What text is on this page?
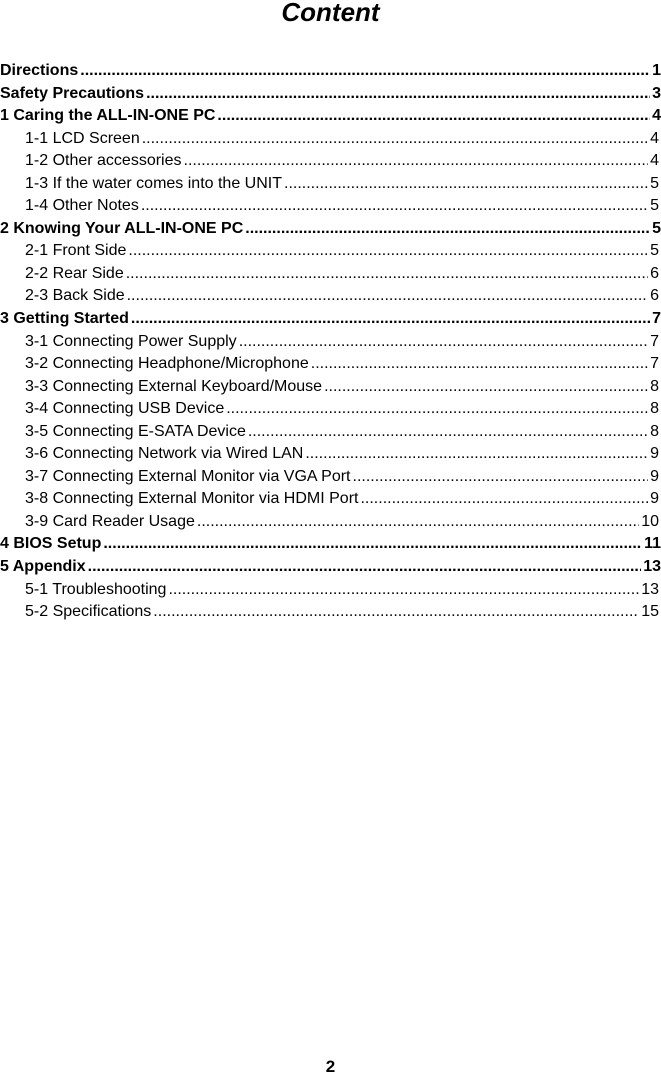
Content
Directions .....	1
Safety Precautions .....	3
1 Caring the ALL-IN-ONE PC .....	4
1-1 LCD Screen .....	4
1-2 Other accessories .....	4
1-3 If the water comes into the UNIT .....	5
1-4 Other Notes .....	5
2 Knowing Your ALL-IN-ONE PC .....	5
2-1 Front Side .....	5
2-2 Rear Side .....	6
2-3 Back Side .....	6
3 Getting Started .....	7
3-1 Connecting Power Supply .....	7
3-2 Connecting Headphone/Microphone .....	7
3-3 Connecting External Keyboard/Mouse .....	8
3-4 Connecting USB Device .....	8
3-5 Connecting E-SATA Device .....	8
3-6 Connecting Network via Wired LAN .....	9
3-7 Connecting External Monitor via VGA Port .....	9
3-8 Connecting External Monitor via HDMI Port .....	9
3-9 Card Reader Usage .....	10
4 BIOS Setup .....	11
5 Appendix .....	13
5-1 Troubleshooting .....	13
5-2 Specifications .....	15
2
